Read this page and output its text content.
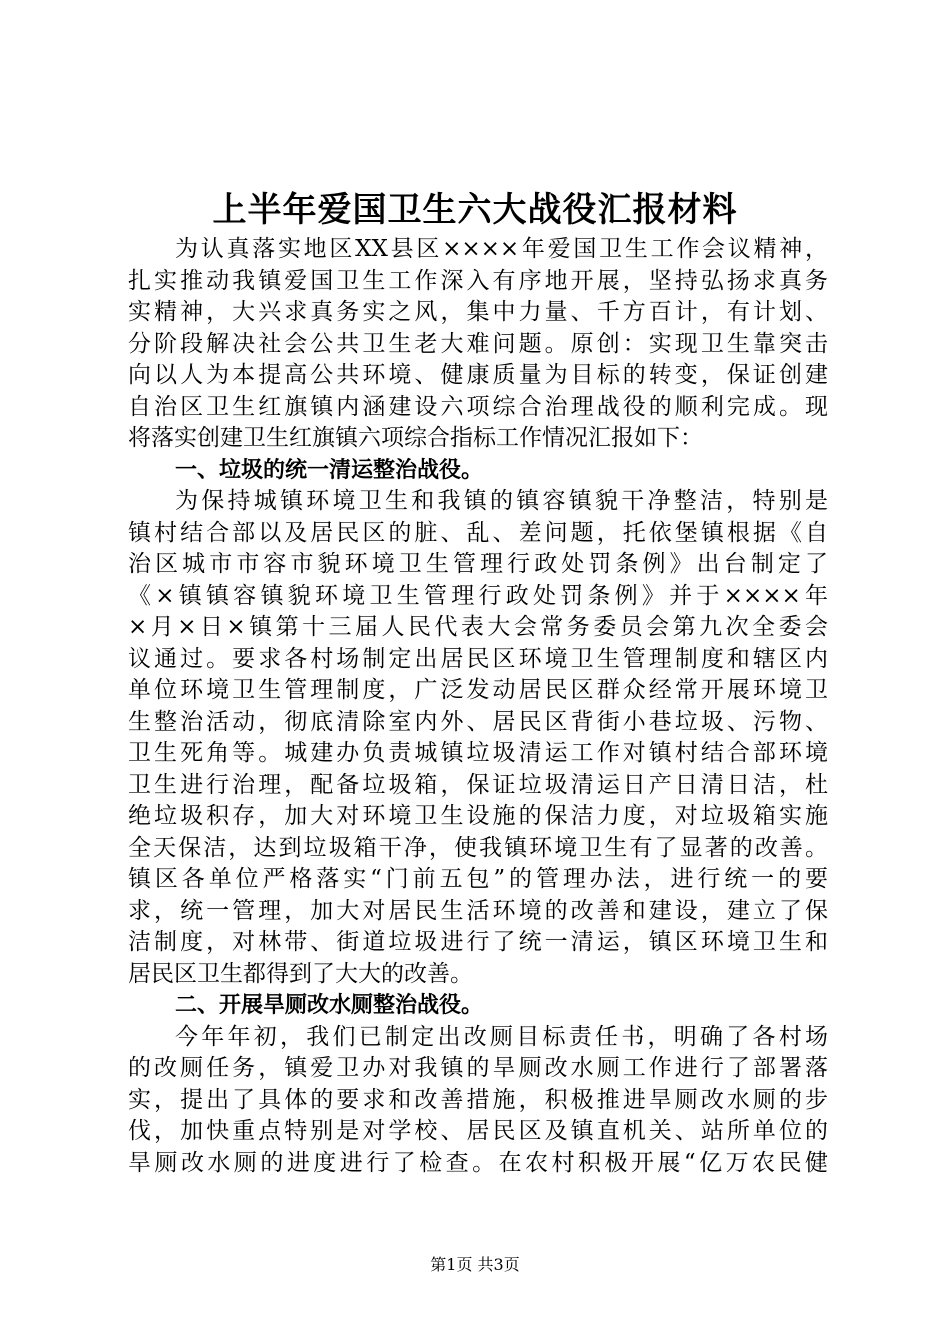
上半年爱国卫生六大战役汇报材料
为认真落实地区XX县区××××年爱国卫生工作会议精神，
扎实推动我镇爱国卫生工作深入有序地开展，坚持弘扬求真务
实精神，大兴求真务实之风，集中力量、千方百计，有计划、
分阶段解决社会公共卫生老大难问题。原创：实现卫生靠突击
向以人为本提高公共环境、健康质量为目标的转变，保证创建
自治区卫生红旗镇内涵建设六项综合治理战役的顺利完成。现
将落实创建卫生红旗镇六项综合指标工作情况汇报如下：
一、垃圾的统一清运整治战役。
为保持城镇环境卫生和我镇的镇容镇貌干净整洁，特别是
镇村结合部以及居民区的脏、乱、差问题，托依堡镇根据《自
治区城市市容市貌环境卫生管理行政处罚条例》出台制定了
《×镇镇容镇貌环境卫生管理行政处罚条例》并于××××年
×月×日×镇第十三届人民代表大会常务委员会第九次全委会
议通过。要求各村场制定出居民区环境卫生管理制度和辖区内
单位环境卫生管理制度，广泛发动居民区群众经常开展环境卫
生整治活动，彻底清除室内外、居民区背街小巷垃圾、污物、
卫生死角等。城建办负责城镇垃圾清运工作对镇村结合部环境
卫生进行治理，配备垃圾箱，保证垃圾清运日产日清日洁，杜
绝垃圾积存，加大对环境卫生设施的保洁力度，对垃圾箱实施
全天保洁，达到垃圾箱干净，使我镇环境卫生有了显著的改善。
镇区各单位严格落实“门前五包”的管理办法，进行统一的要
求，统一管理，加大对居民生活环境的改善和建设，建立了保
洁制度，对林带、街道垃圾进行了统一清运，镇区环境卫生和
居民区卫生都得到了大大的改善。
二、开展旱厕改水厕整治战役。
今年年初，我们已制定出改厕目标责任书，明确了各村场
的改厕任务，镇爱卫办对我镇的旱厕改水厕工作进行了部署落
实，提出了具体的要求和改善措施，积极推进旱厕改水厕的步
伐，加快重点特别是对学校、居民区及镇直机关、站所单位的
旱厕改水厕的进度进行了检查。在农村积极开展“亿万农民健
第1页 共3页
